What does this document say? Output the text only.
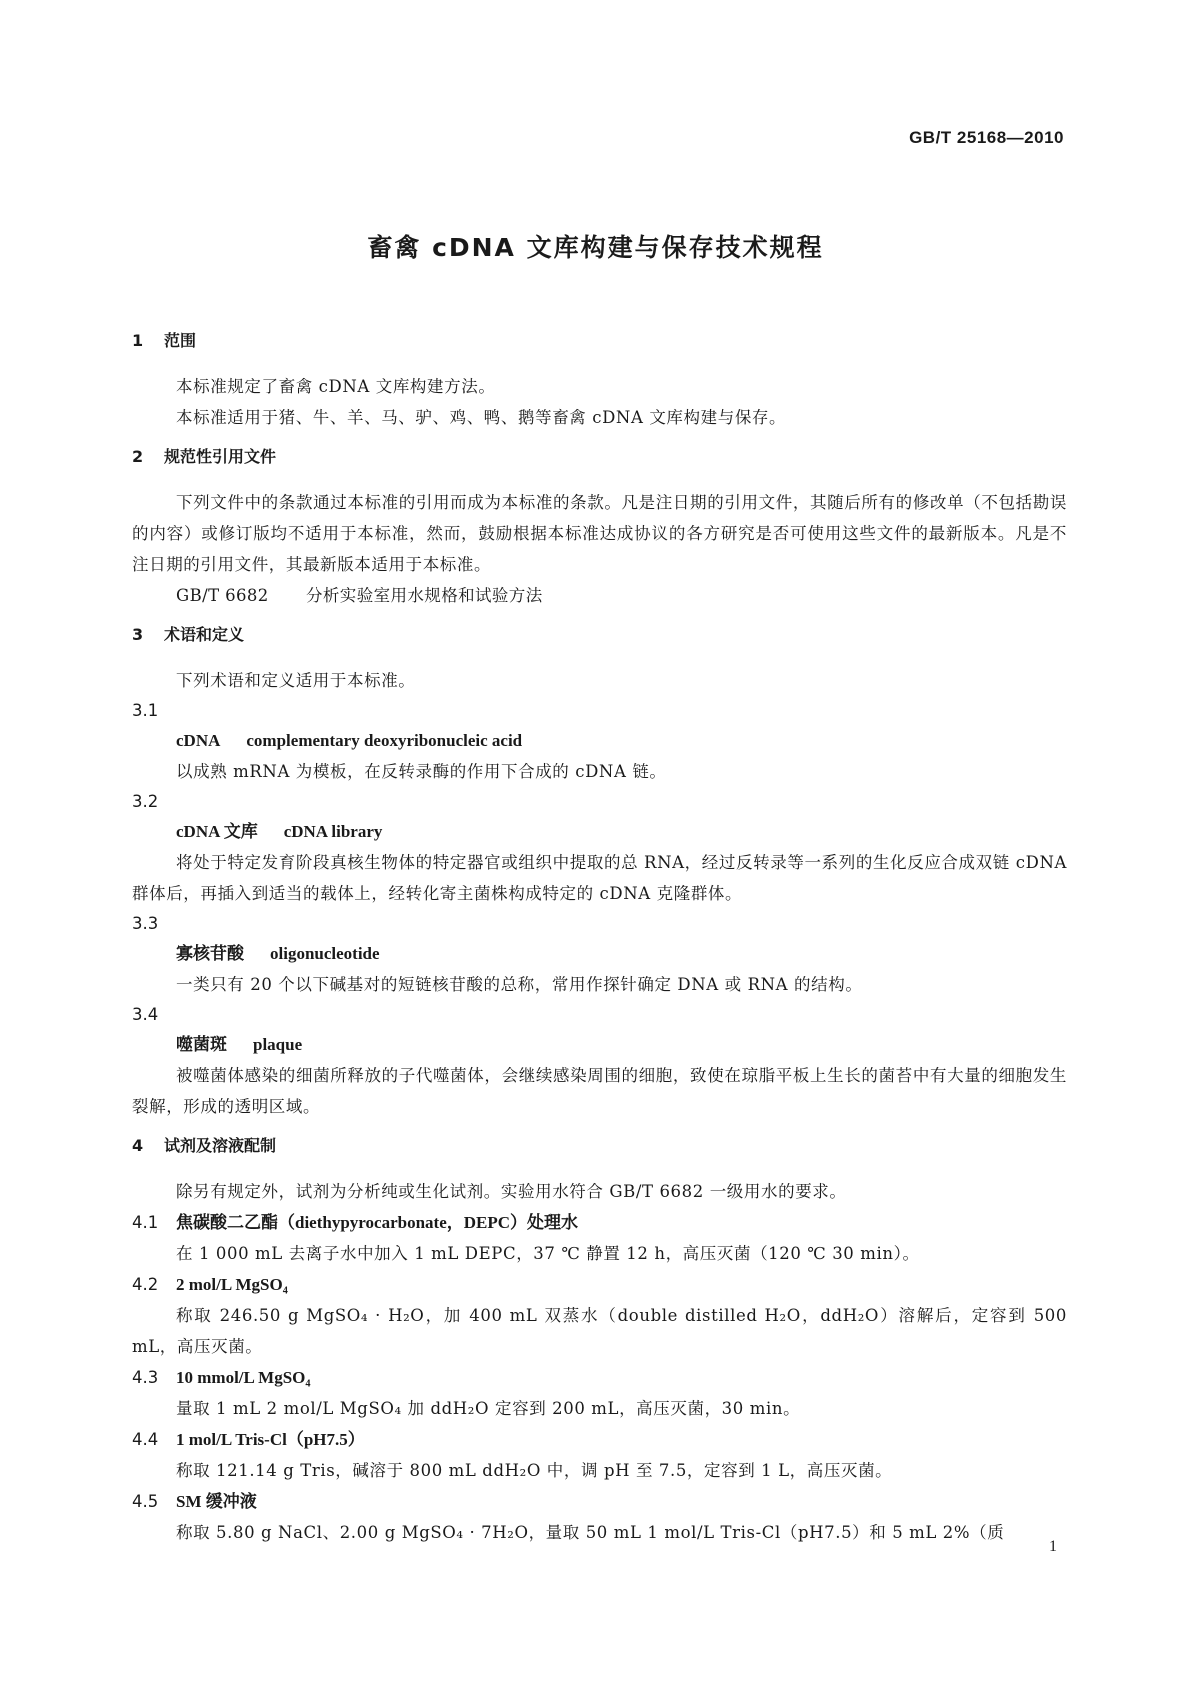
GB/T 25168—2010
畜禽 cDNA 文库构建与保存技术规程
1 范围

本标准规定了畜禽 cDNA 文库构建方法。

本标准适用于猪、牛、羊、马、驴、鸡、鸭、鹅等畜禽 cDNA 文库构建与保存。

2 规范性引用文件

下列文件中的条款通过本标准的引用而成为本标准的条款。凡是注日期的引用文件，其随后所有的修改单（不包括勘误的内容）或修订版均不适用于本标准，然而，鼓励根据本标准达成协议的各方研究是否可使用这些文件的最新版本。凡是不注日期的引用文件，其最新版本适用于本标准。

GB/T 6682 分析实验室用水规格和试验方法

3 术语和定义

下列术语和定义适用于本标准。

3.1

cDNA complementary deoxyribonucleic acid

以成熟 mRNA 为模板，在反转录酶的作用下合成的 cDNA 链。

3.2

cDNA 文库 cDNA library

将处于特定发育阶段真核生物体的特定器官或组织中提取的总 RNA，经过反转录等一系列的生化反应合成双链 cDNA 群体后，再插入到适当的载体上，经转化寄主菌株构成特定的 cDNA 克隆群体。

3.3

寡核苷酸 oligonucleotide

一类只有 20 个以下碱基对的短链核苷酸的总称，常用作探针确定 DNA 或 RNA 的结构。

3.4

噬菌斑 plaque

被噬菌体感染的细菌所释放的子代噬菌体，会继续感染周围的细胞，致使在琼脂平板上生长的菌苔中有大量的细胞发生裂解，形成的透明区域。

4 试剂及溶液配制

除另有规定外，试剂为分析纯或生化试剂。实验用水符合 GB/T 6682 一级用水的要求。

4.1 焦碳酸二乙酯（diethypyrocarbonate，DEPC）处理水

在 1 000 mL 去离子水中加入 1 mL DEPC，37 ℃ 静置 12 h，高压灭菌（120 ℃ 30 min）。

4.2 2 mol/L MgSO₄

称取 246.50 g MgSO₄ · H₂O，加 400 mL 双蒸水（double distilled H₂O，ddH₂O）溶解后，定容到 500 mL，高压灭菌。

4.3 10 mmol/L MgSO₄

量取 1 mL 2 mol/L MgSO₄ 加 ddH₂O 定容到 200 mL，高压灭菌，30 min。

4.4 1 mol/L Tris-Cl（pH7.5）

称取 121.14 g Tris，碱溶于 800 mL ddH₂O 中，调 pH 至 7.5，定容到 1 L，高压灭菌。

4.5 SM 缓冲液

称取 5.80 g NaCl、2.00 g MgSO₄ · 7H₂O，量取 50 mL 1 mol/L Tris-Cl（pH7.5）和 5 mL 2%（质

1
